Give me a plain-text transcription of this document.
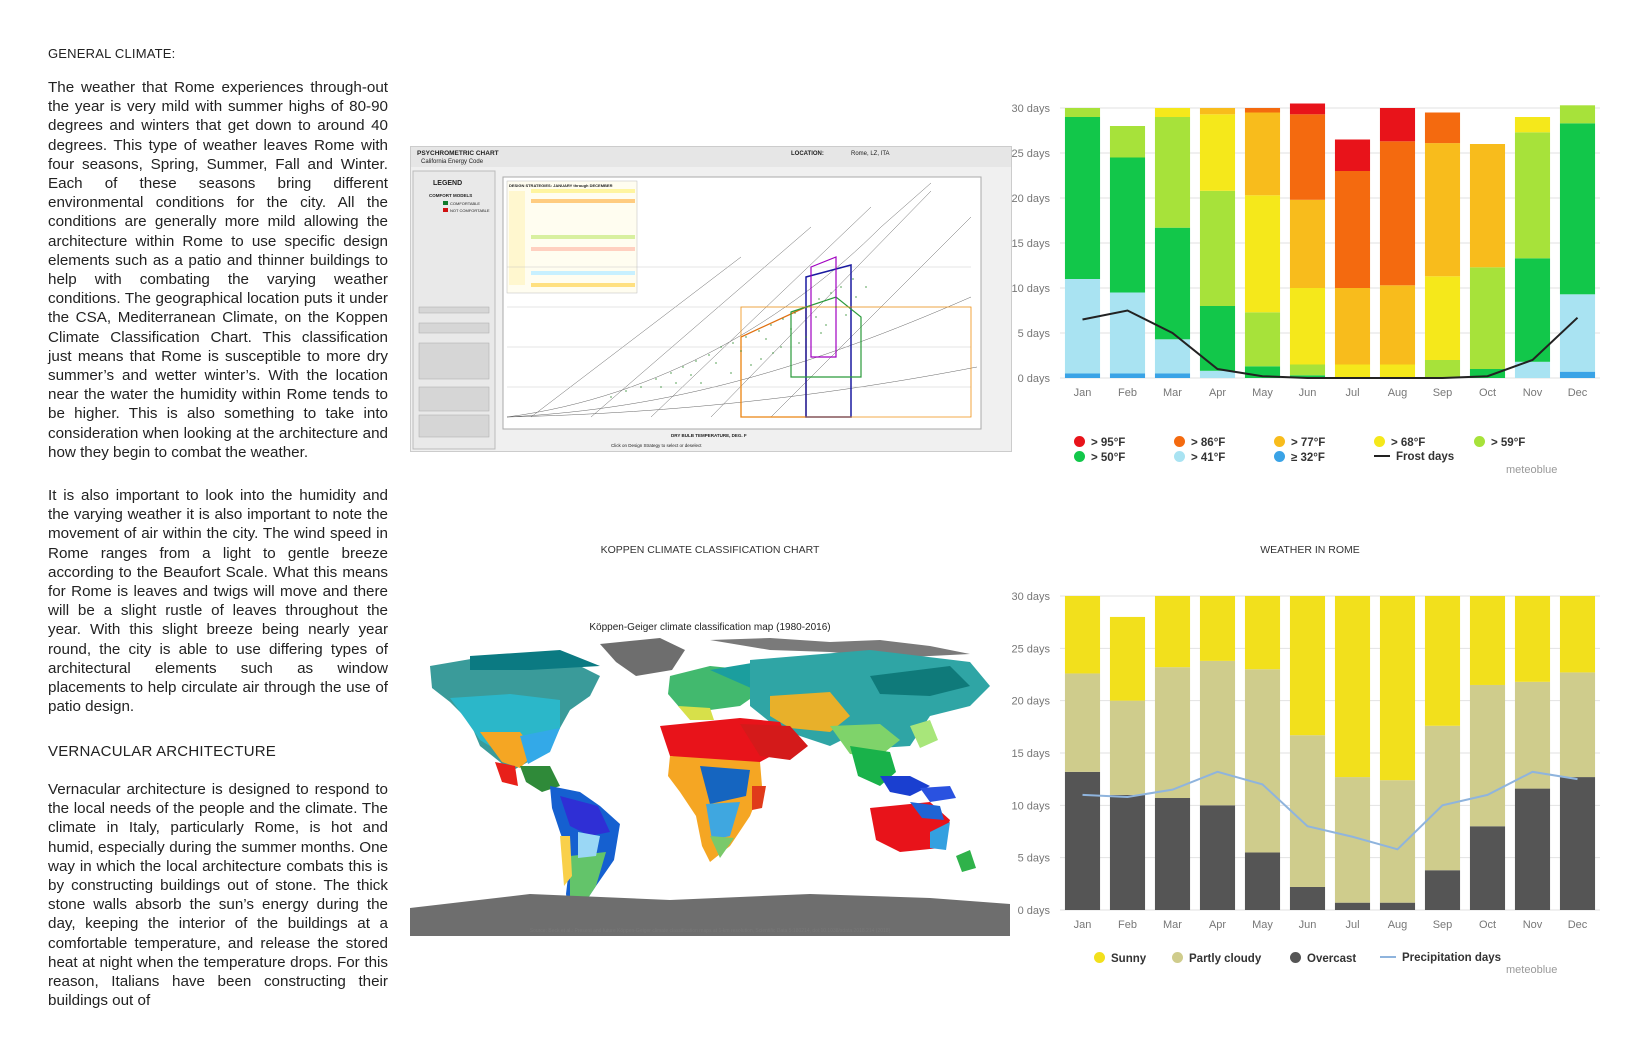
GENERAL CLIMATE:
The weather that Rome experiences through-out the year is very mild with summer highs of 80-90 degrees and winters that get down to around 40 degrees. This type of weather leaves Rome with four seasons, Spring, Summer, Fall and Winter. Each of these seasons bring different environmental conditions for the city. All the conditions are generally more mild allowing the architecture within Rome to use specific design elements such as a patio and thinner buildings to help with combating the varying weather conditions. The geographical location puts it under the CSA, Mediterranean Climate, on the Koppen Climate Classification Chart. This classification just means that Rome is susceptible to more dry summer’s and wetter winter’s. With the location near the water the humidity within Rome tends to be higher. This is also something to take into consideration when looking at the architecture and how they begin to combat the weather.
It is also important to look into the humidity and the varying weather it is also important to note the movement of air within the city. The wind speed in Rome ranges from a light to gentle breeze according to the Beaufort Scale. What this means for Rome is leaves and twigs will move and there will be a slight rustle of leaves throughout the year. With this slight breeze being nearly year round, the city is able to use differing types of architectural elements such as window placements to help circulate air through the use of patio design.
VERNACULAR ARCHITECTURE
Vernacular architecture is designed to respond to the local needs of the people and the climate. The climate in Italy, particularly Rome, is hot and humid, especially during the summer months. One way in which the local architecture combats this is by constructing buildings out of stone. The thick stone walls absorb the sun’s energy during the day, keeping the interior of the buildings at a comfortable temperature, and release the stored heat at night when the temperature drops. For this reason, Italians have been constructing their buildings out of
PSYCHROMETRIC CHART
California Energy Code
LOCATION:	Rome, LZ, ITA
LEGEND
COMFORT MODELS
COMFORTABLE
NOT COMFORTABLE
DESIGN STRATEGIES: JANUARY through DECEMBER
DRY BULB TEMPERATURE, DEG. F
Click on Design Strategy to select or deselect
KOPPEN CLIMATE CLASSIFICATION CHART
Köppen-Geiger climate classification map (1980-2016)
Source: Beck et al.: Present and future Köppen-Geiger climate classification maps at 1-km resolution, Scientific Data 5:180214, doi:10.1038/sdata.2018.214 (2018)
0 days
5 days
10 days
15 days
20 days
25 days
30 days
Jan Feb Mar Apr May Jun	Jul	Aug Sep Oct Nov Dec
> 95°F	> 86°F	> 77°F	> 68°F	> 59°F
> 50°F	> 41°F	≥ 32°F	Frost days
meteoblue
WEATHER IN ROME
0 days
5 days
10 days
15 days
20 days
25 days
30 days
Jan Feb Mar Apr May Jun	Jul	Aug Sep Oct Nov Dec
Sunny	Partly cloudy	Overcast	Precipitation days
meteoblue
